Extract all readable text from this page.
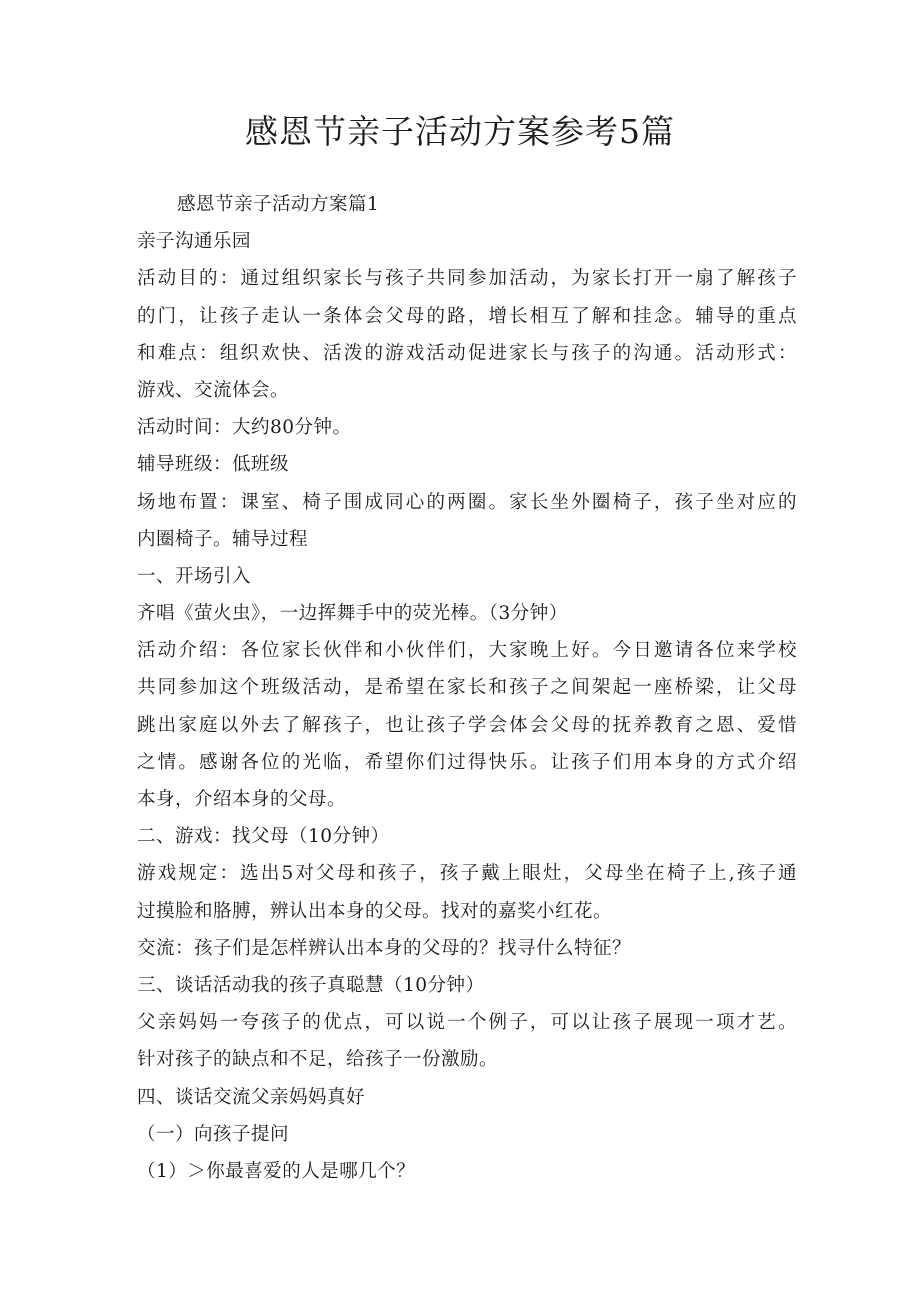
感恩节亲子活动方案参考5篇
感恩节亲子活动方案篇1
亲子沟通乐园
活动目的：通过组织家长与孩子共同参加活动，为家长打开一扇了解孩子
的门，让孩子走认一条体会父母的路，增长相互了解和挂念。辅导的重点
和难点：组织欢快、活泼的游戏活动促进家长与孩子的沟通。活动形式：
游戏、交流体会。
活动时间：大约80分钟。
辅导班级：低班级
场地布置：课室、椅子围成同心的两圈。家长坐外圈椅子，孩子坐对应的
内圈椅子。辅导过程
一、开场引入
齐唱《萤火虫》，一边挥舞手中的荧光棒。（3分钟）
活动介绍：各位家长伙伴和小伙伴们，大家晚上好。今日邀请各位来学校
共同参加这个班级活动，是希望在家长和孩子之间架起一座桥梁，让父母
跳出家庭以外去了解孩子，也让孩子学会体会父母的抚养教育之恩、爱惜
之情。感谢各位的光临，希望你们过得快乐。让孩子们用本身的方式介绍
本身，介绍本身的父母。
二、游戏：找父母（10分钟）
游戏规定：选出5对父母和孩子，孩子戴上眼灶，父母坐在椅子上,孩子通
过摸脸和胳膊，辨认出本身的父母。找对的嘉奖小红花。
交流：孩子们是怎样辨认出本身的父母的？找寻什么特征？
三、谈话活动我的孩子真聪慧（10分钟）
父亲妈妈一夸孩子的优点，可以说一个例子，可以让孩子展现一项才艺。
针对孩子的缺点和不足，给孩子一份激励。
四、谈话交流父亲妈妈真好
（一）向孩子提问
（1）＞你最喜爱的人是哪几个？
